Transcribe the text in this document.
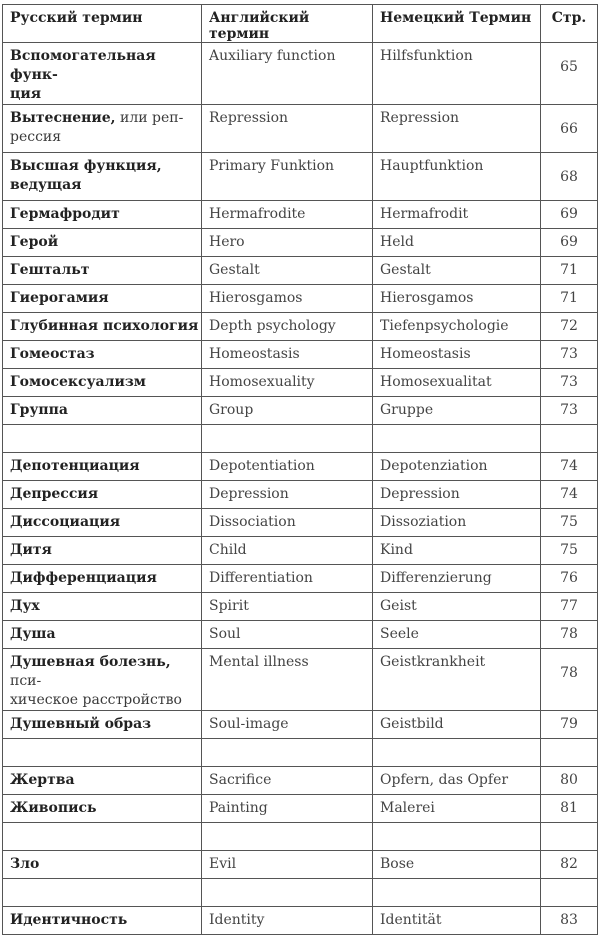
Русский термин	Английский термин	Немецкий Термин	Стр.
Вспомогательная функ-
ция	Auxiliary function	Hilfsfunktion	65
Вытеснение, или реп-
рессия	Repression	Repression	66
Высшая функция,
ведущая	Primary Funktion	Hauptfunktion	68
Гермафродит	Hermafrodite	Hermafrodit	69
Герой	Hero	Held	69
Гештальт	Gestalt	Gestalt	71
Гиерогамия	Hierosgamos	Hierosgamos	71
Глубинная психология	Depth psychology	Tiefenpsychologie	72
Гомеостаз	Homeostasis	Homeostasis	73
Гомосексуализм	Homosexuality	Homosexualitat	73
Группа	Group	Gruppe	73

Депотенциация	Depotentiation	Depotenziation	74
Депрессия	Depression	Depression	74
Диссоциация	Dissociation	Dissoziation	75
Дитя	Child	Kind	75
Дифференциация	Differentiation	Differenzierung	76
Дух	Spirit	Geist	77
Душа	Soul	Seele	78
Душевная болезнь, пси-
хическое расстройство	Mental illness	Geistkrankheit	78
Душевный образ	Soul-image	Geistbild	79

Жертва	Sacrifice	Opfern, das Opfer	80
Живопись	Painting	Malerei	81

Зло	Evil	Bose	82

Идентичность	Identity	Identität	83
